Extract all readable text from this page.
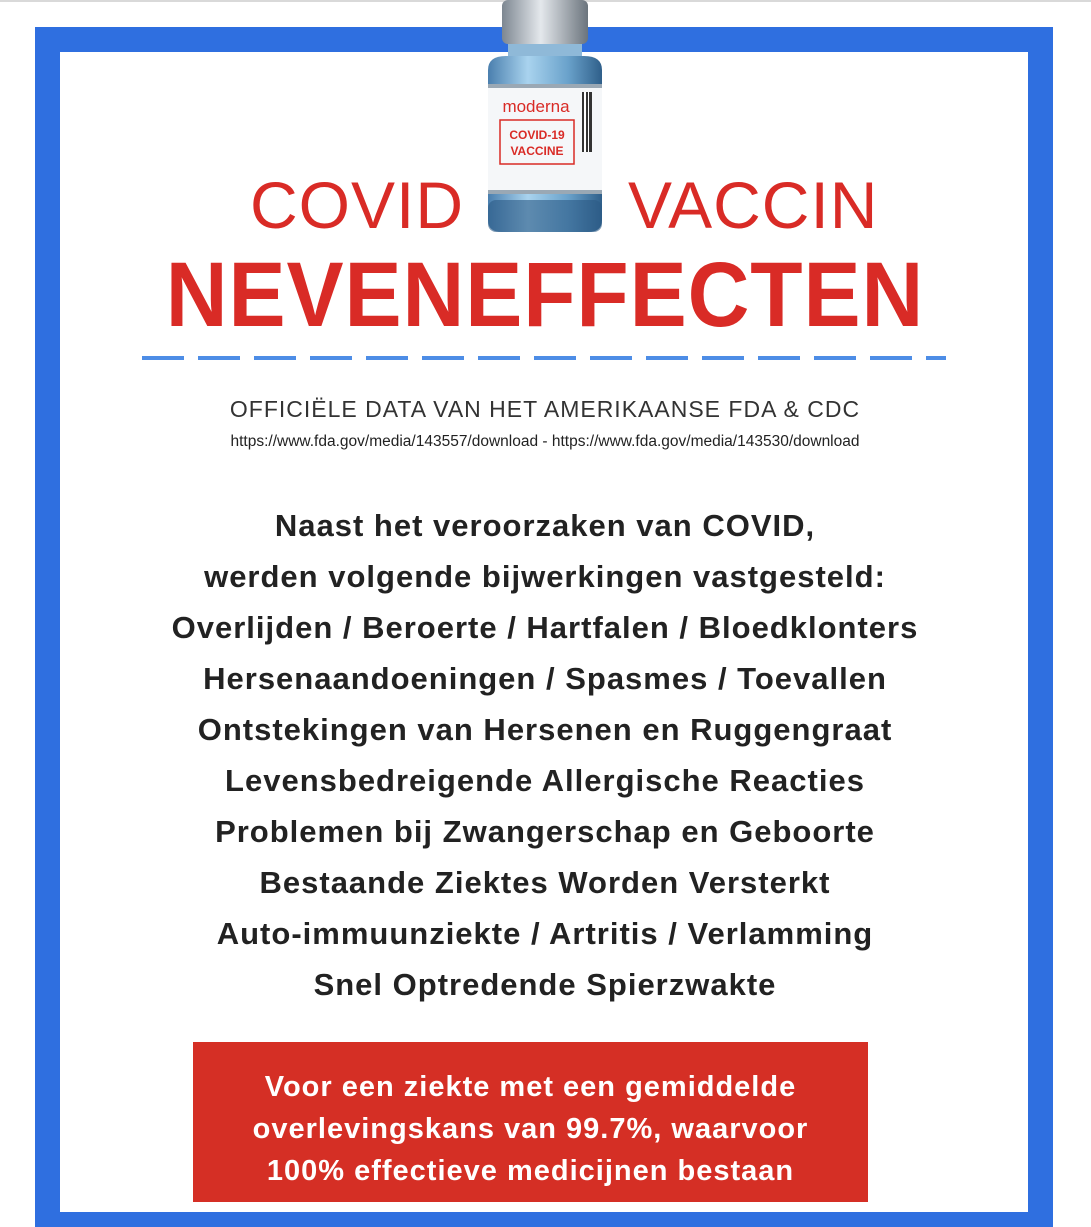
moderna
COVID-19
VACCINE
COVID VACCIN
NEVENEFFECTEN
OFFICIËLE DATA VAN HET AMERIKAANSE FDA & CDC
https://www.fda.gov/media/143557/download - https://www.fda.gov/media/143530/download
Naast het veroorzaken van COVID,
werden volgende bijwerkingen vastgesteld:
Overlijden / Beroerte / Hartfalen / Bloedklonters
Hersenaandoeningen / Spasmes / Toevallen
Ontstekingen van Hersenen en Ruggengraat
Levensbedreigende Allergische Reacties
Problemen bij Zwangerschap en Geboorte
Bestaande Ziektes Worden Versterkt
Auto-immuunziekte / Artritis / Verlamming
Snel Optredende Spierzwakte
Voor een ziekte met een gemiddelde
overlevingskans van 99.7%, waarvoor
100% effectieve medicijnen bestaan
